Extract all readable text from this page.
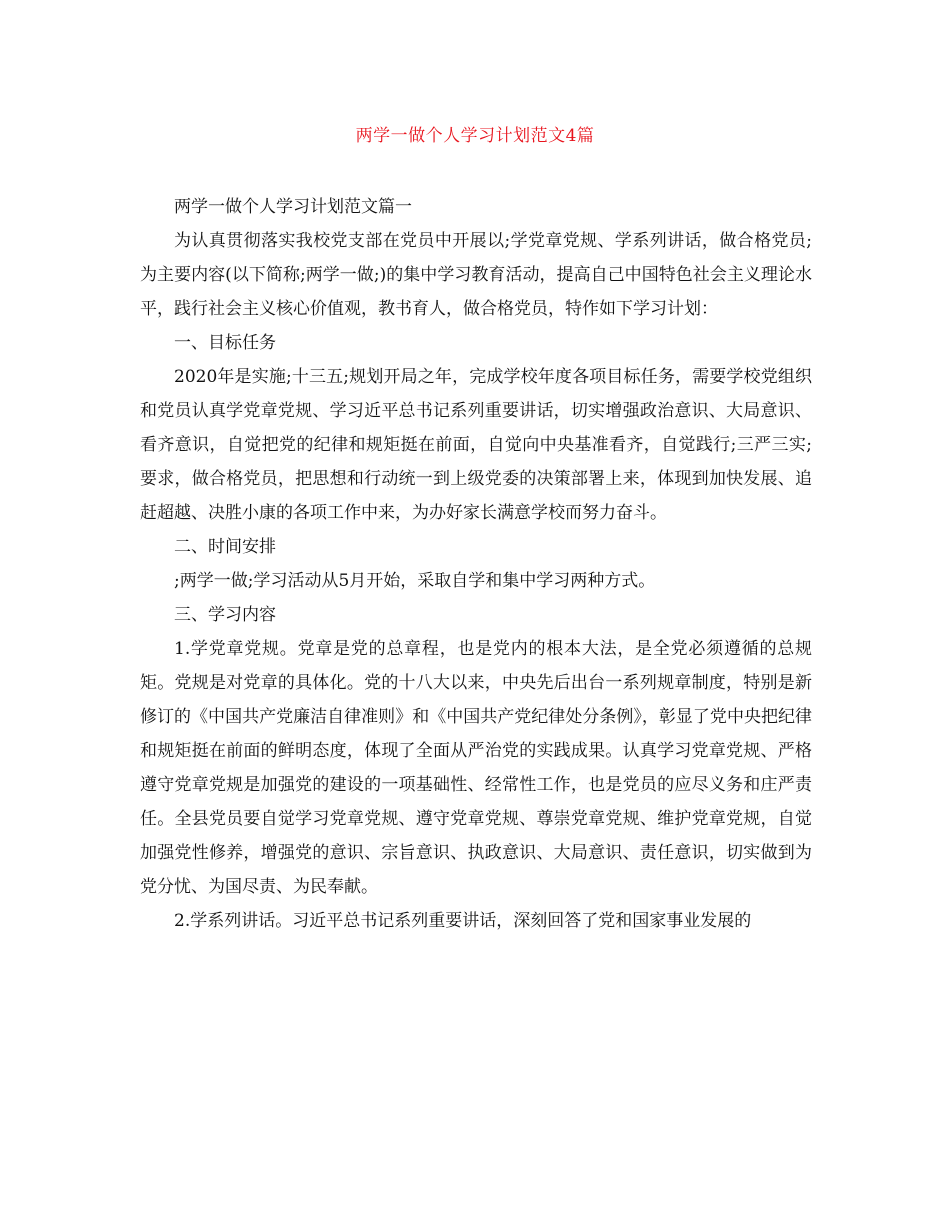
两学一做个人学习计划范文4篇

两学一做个人学习计划范文篇一

为认真贯彻落实我校党支部在党员中开展以;学党章党规、学系列讲话，做合格党员;为主要内容(以下简称;两学一做;)的集中学习教育活动，提高自己中国特色社会主义理论水平，践行社会主义核心价值观，教书育人，做合格党员，特作如下学习计划：

一、目标任务

2020年是实施;十三五;规划开局之年，完成学校年度各项目标任务，需要学校党组织和党员认真学党章党规、学习近平总书记系列重要讲话，切实增强政治意识、大局意识、看齐意识，自觉把党的纪律和规矩挺在前面，自觉向中央基准看齐，自觉践行;三严三实;要求，做合格党员，把思想和行动统一到上级党委的决策部署上来，体现到加快发展、追赶超越、决胜小康的各项工作中来，为办好家长满意学校而努力奋斗。

二、时间安排

;两学一做;学习活动从5月开始，采取自学和集中学习两种方式。

三、学习内容

1.学党章党规。党章是党的总章程，也是党内的根本大法，是全党必须遵循的总规矩。党规是对党章的具体化。党的十八大以来，中央先后出台一系列规章制度，特别是新修订的《中国共产党廉洁自律准则》和《中国共产党纪律处分条例》，彰显了党中央把纪律和规矩挺在前面的鲜明态度，体现了全面从严治党的实践成果。认真学习党章党规、严格遵守党章党规是加强党的建设的一项基础性、经常性工作，也是党员的应尽义务和庄严责任。全县党员要自觉学习党章党规、遵守党章党规、尊崇党章党规、维护党章党规，自觉加强党性修养，增强党的意识、宗旨意识、执政意识、大局意识、责任意识，切实做到为党分忧、为国尽责、为民奉献。

2.学系列讲话。习近平总书记系列重要讲话，深刻回答了党和国家事业发展的
